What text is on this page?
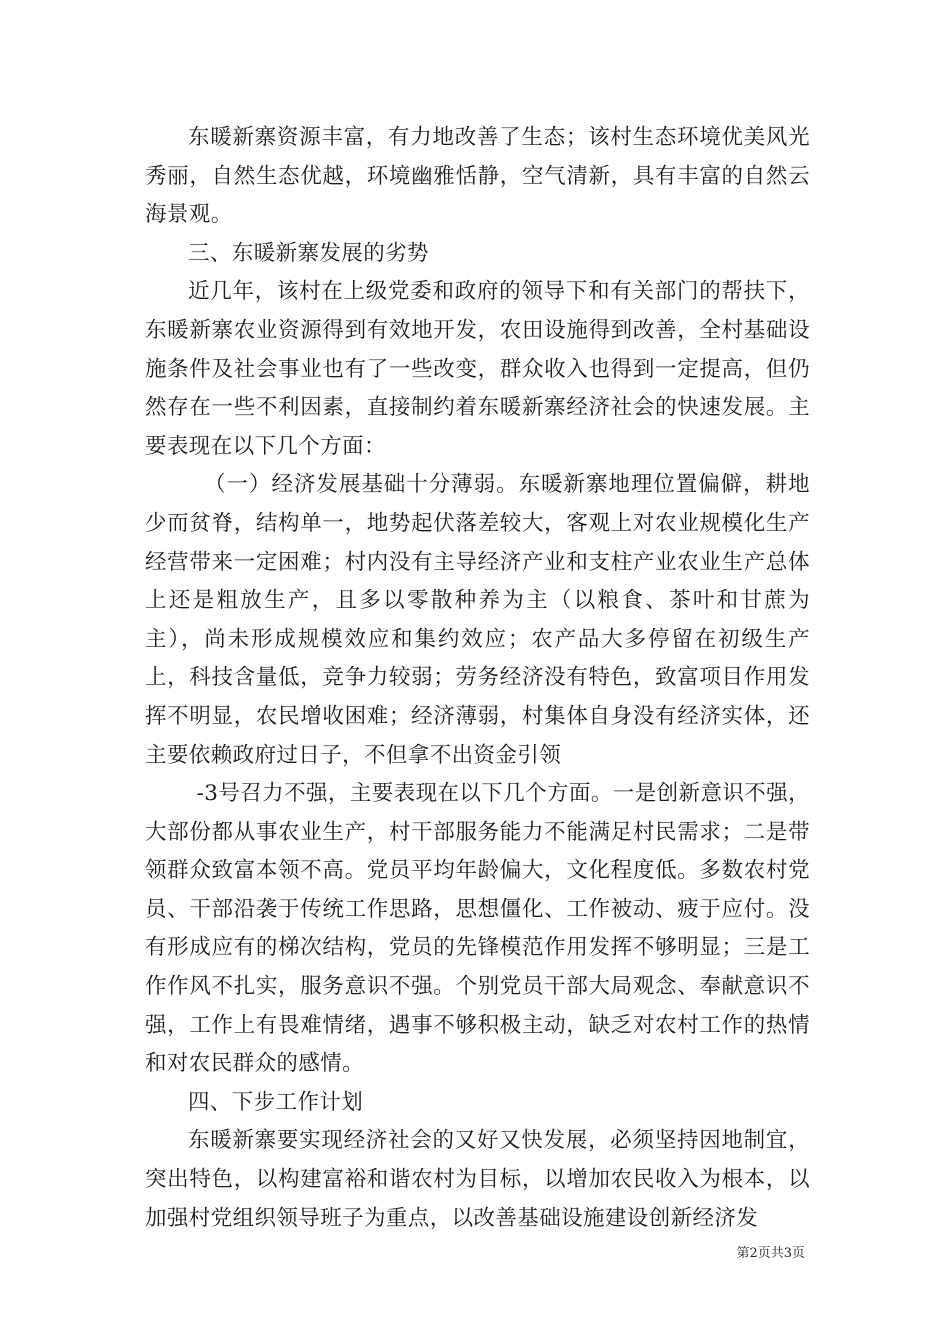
东暖新寨资源丰富，有力地改善了生态；该村生态环境优美风光秀丽，自然生态优越，环境幽雅恬静，空气清新，具有丰富的自然云海景观。

三、东暖新寨发展的劣势

近几年，该村在上级党委和政府的领导下和有关部门的帮扶下，东暖新寨农业资源得到有效地开发，农田设施得到改善，全村基础设施条件及社会事业也有了一些改变，群众收入也得到一定提高，但仍然存在一些不利因素，直接制约着东暖新寨经济社会的快速发展。主要表现在以下几个方面：

（一）经济发展基础十分薄弱。东暖新寨地理位置偏僻，耕地少而贫脊，结构单一，地势起伏落差较大，客观上对农业规模化生产经营带来一定困难；村内没有主导经济产业和支柱产业农业生产总体上还是粗放生产，且多以零散种养为主（以粮食、茶叶和甘蔗为主），尚未形成规模效应和集约效应；农产品大多停留在初级生产上，科技含量低，竞争力较弱；劳务经济没有特色，致富项目作用发挥不明显，农民增收困难；经济薄弱，村集体自身没有经济实体，还主要依赖政府过日子，不但拿不出资金引领

-3号召力不强，主要表现在以下几个方面。一是创新意识不强，大部份都从事农业生产，村干部服务能力不能满足村民需求；二是带领群众致富本领不高。党员平均年龄偏大，文化程度低。多数农村党员、干部沿袭于传统工作思路，思想僵化、工作被动、疲于应付。没有形成应有的梯次结构，党员的先锋模范作用发挥不够明显；三是工作作风不扎实，服务意识不强。个别党员干部大局观念、奉献意识不强，工作上有畏难情绪，遇事不够积极主动，缺乏对农村工作的热情和对农民群众的感情。

四、下步工作计划

东暖新寨要实现经济社会的又好又快发展，必须坚持因地制宜，突出特色，以构建富裕和谐农村为目标，以增加农民收入为根本，以加强村党组织领导班子为重点，以改善基础设施建设创新经济发

第2页共3页
